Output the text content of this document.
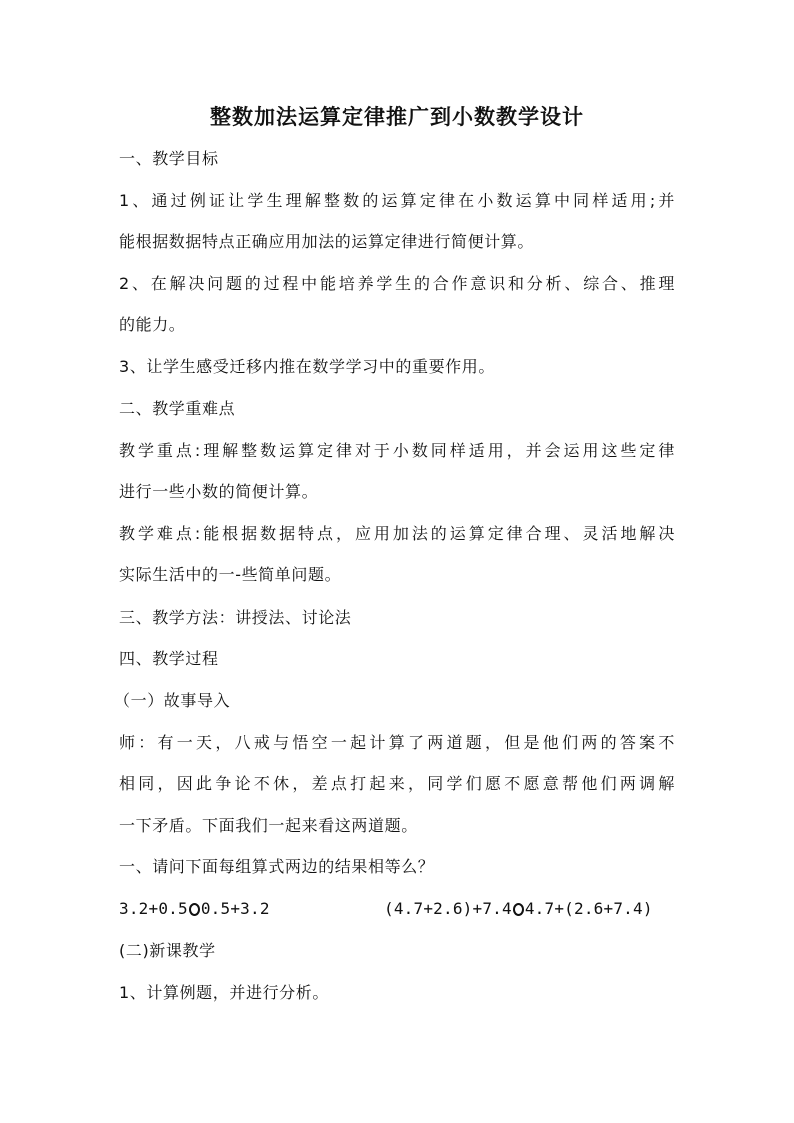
整数加法运算定律推广到小数教学设计
一、教学目标
1、通过例证让学生理解整数的运算定律在小数运算中同样适用;并
能根据数据特点正确应用加法的运算定律进行简便计算。
2、在解决问题的过程中能培养学生的合作意识和分析、综合、推理
的能力。
3、让学生感受迁移内推在数学学习中的重要作用。
二、教学重难点
教学重点:理解整数运算定律对于小数同样适用，并会运用这些定律
进行一些小数的简便计算。
教学难点:能根据数据特点，应用加法的运算定律合理、灵活地解决
实际生活中的一-些简单问题。
三、教学方法：讲授法、讨论法
四、教学过程
（一）故事导入
师：有一天，八戒与悟空一起计算了两道题，但是他们两的答案不
相同，因此争论不休，差点打起来，同学们愿不愿意帮他们两调解
一下矛盾。下面我们一起来看这两道题。
一、请问下面每组算式两边的结果相等么？
3.2+0.5 0.5+3.2	(4.7+2.6)+7.4 4.7+(2.6+7.4)
(二)新课教学
1、计算例题，并进行分析。
